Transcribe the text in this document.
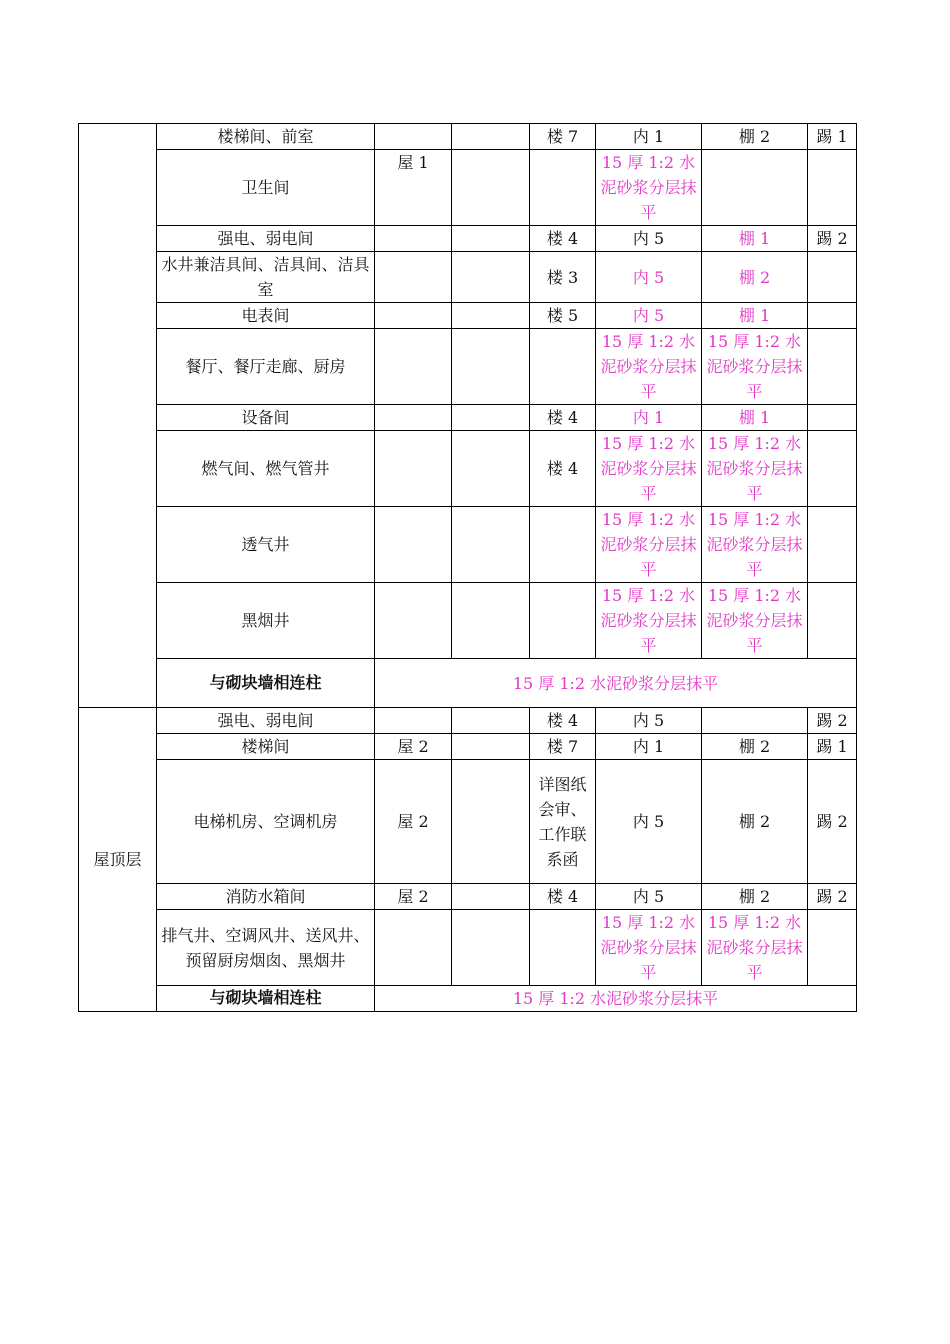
	楼梯间、前室			楼 7	内 1	棚 2	踢 1
	卫生间	屋 1			15 厚 1:2 水泥砂浆分层抹平		
	强电、弱电间			楼 4	内 5	棚 1	踢 2
	水井兼洁具间、洁具间、洁具室			楼 3	内 5	棚 2	
	电表间			楼 5	内 5	棚 1	
	餐厅、餐厅走廊、厨房				15 厚 1:2 水泥砂浆分层抹平	15 厚 1:2 水泥砂浆分层抹平	
	设备间			楼 4	内 1	棚 1	
	燃气间、燃气管井			楼 4	15 厚 1:2 水泥砂浆分层抹平	15 厚 1:2 水泥砂浆分层抹平	
	透气井				15 厚 1:2 水泥砂浆分层抹平	15 厚 1:2 水泥砂浆分层抹平	
	黑烟井				15 厚 1:2 水泥砂浆分层抹平	15 厚 1:2 水泥砂浆分层抹平	
	与砌块墙相连柱	15 厚 1:2 水泥砂浆分层抹平					
屋顶层	强电、弱电间			楼 4	内 5		踢 2
	楼梯间	屋 2		楼 7	内 1	棚 2	踢 1
	电梯机房、空调机房	屋 2		详图纸会审、工作联系函	内 5	棚 2	踢 2
	消防水箱间	屋 2		楼 4	内 5	棚 2	踢 2
	排气井、空调风井、送风井、预留厨房烟囱、黑烟井				15 厚 1:2 水泥砂浆分层抹平	15 厚 1:2 水泥砂浆分层抹平	
	与砌块墙相连柱	15 厚 1:2 水泥砂浆分层抹平					
